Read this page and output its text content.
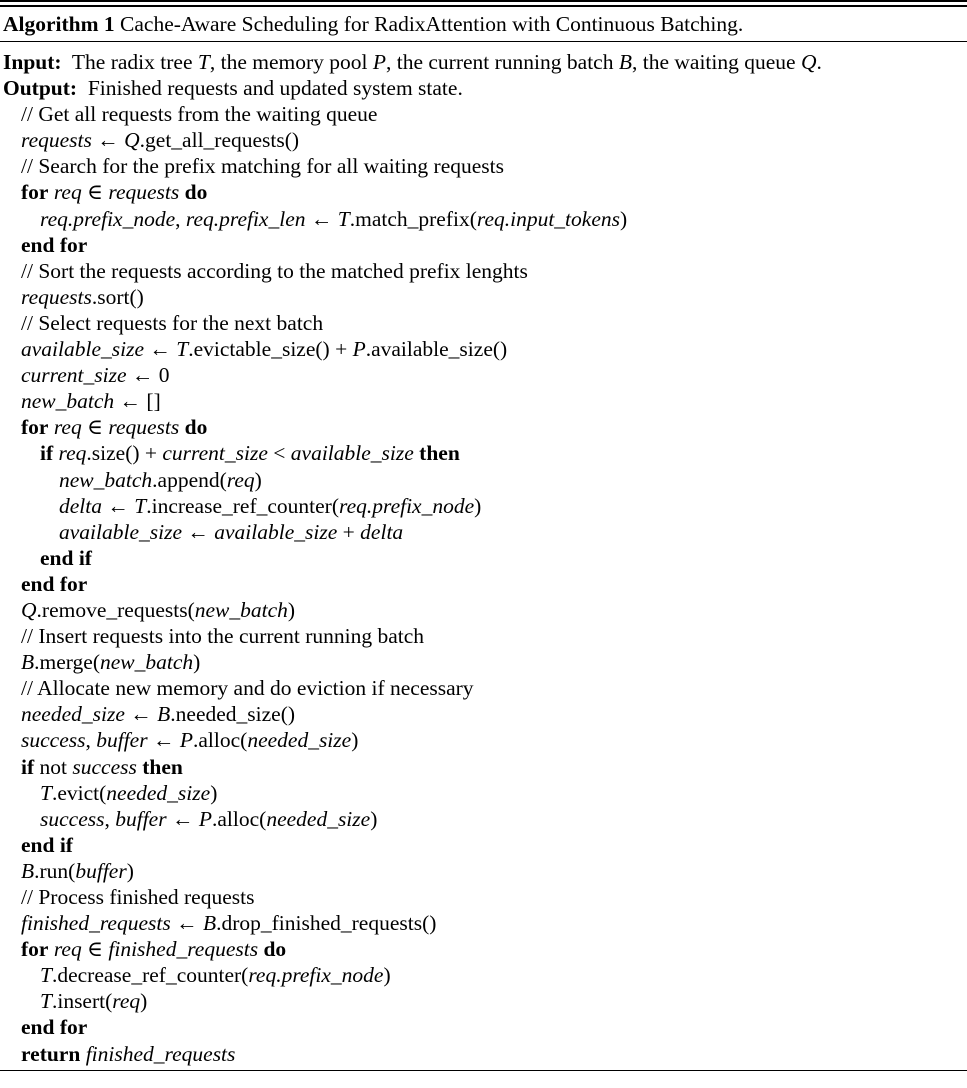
Algorithm 1 Cache-Aware Scheduling for RadixAttention with Continuous Batching.
Input:  The radix tree T, the memory pool P, the current running batch B, the waiting queue Q.
Output:  Finished requests and updated system state.
// Get all requests from the waiting queue
requests ← Q.get_all_requests()
// Search for the prefix matching for all waiting requests
for req ∈ requests do
req.prefix_node, req.prefix_len ← T.match_prefix(req.input_tokens)
end for
// Sort the requests according to the matched prefix lenghts
requests.sort()
// Select requests for the next batch
available_size ← T.evictable_size() + P.available_size()
current_size ← 0
new_batch ← []
for req ∈ requests do
if req.size() + current_size < available_size then
new_batch.append(req)
delta ← T.increase_ref_counter(req.prefix_node)
available_size ← available_size + delta
end if
end for
Q.remove_requests(new_batch)
// Insert requests into the current running batch
B.merge(new_batch)
// Allocate new memory and do eviction if necessary
needed_size ← B.needed_size()
success, buffer ← P.alloc(needed_size)
if not success then
T.evict(needed_size)
success, buffer ← P.alloc(needed_size)
end if
B.run(buffer)
// Process finished requests
finished_requests ← B.drop_finished_requests()
for req ∈ finished_requests do
T.decrease_ref_counter(req.prefix_node)
T.insert(req)
end for
return finished_requests
